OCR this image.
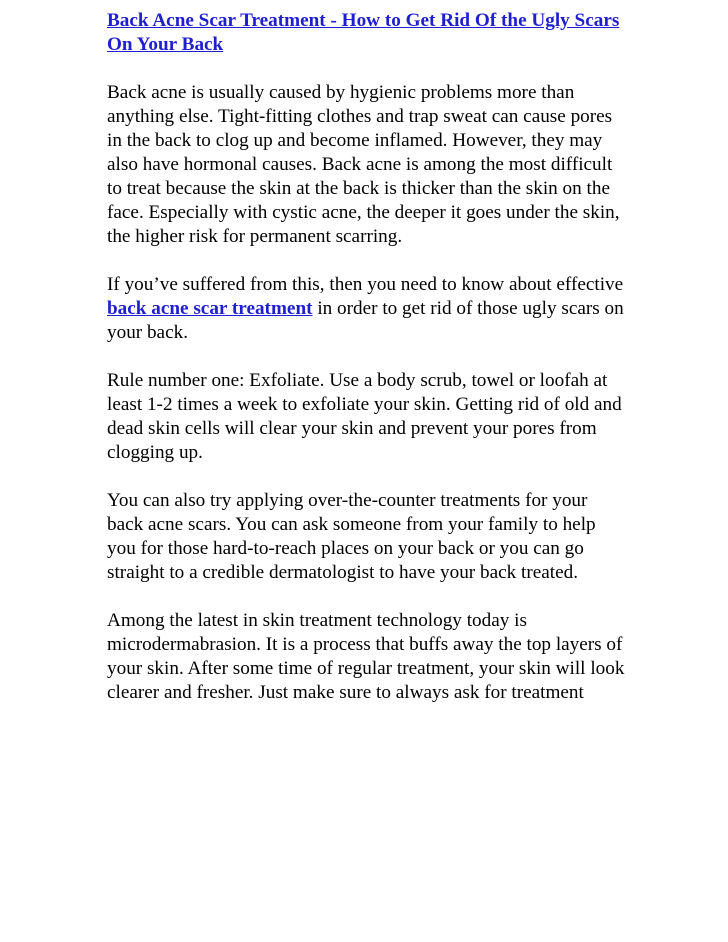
Back Acne Scar Treatment - How to Get Rid Of the Ugly Scars On Your Back

Back acne is usually caused by hygienic problems more than anything else. Tight-fitting clothes and trap sweat can cause pores in the back to clog up and become inflamed. However, they may also have hormonal causes. Back acne is among the most difficult to treat because the skin at the back is thicker than the skin on the face. Especially with cystic acne, the deeper it goes under the skin, the higher risk for permanent scarring.

If you’ve suffered from this, then you need to know about effective back acne scar treatment in order to get rid of those ugly scars on your back.

Rule number one: Exfoliate. Use a body scrub, towel or loofah at least 1-2 times a week to exfoliate your skin. Getting rid of old and dead skin cells will clear your skin and prevent your pores from clogging up.

You can also try applying over-the-counter treatments for your back acne scars. You can ask someone from your family to help you for those hard-to-reach places on your back or you can go straight to a credible dermatologist to have your back treated.

Among the latest in skin treatment technology today is microdermabrasion. It is a process that buffs away the top layers of your skin. After some time of regular treatment, your skin will look clearer and fresher. Just make sure to always ask for treatment
